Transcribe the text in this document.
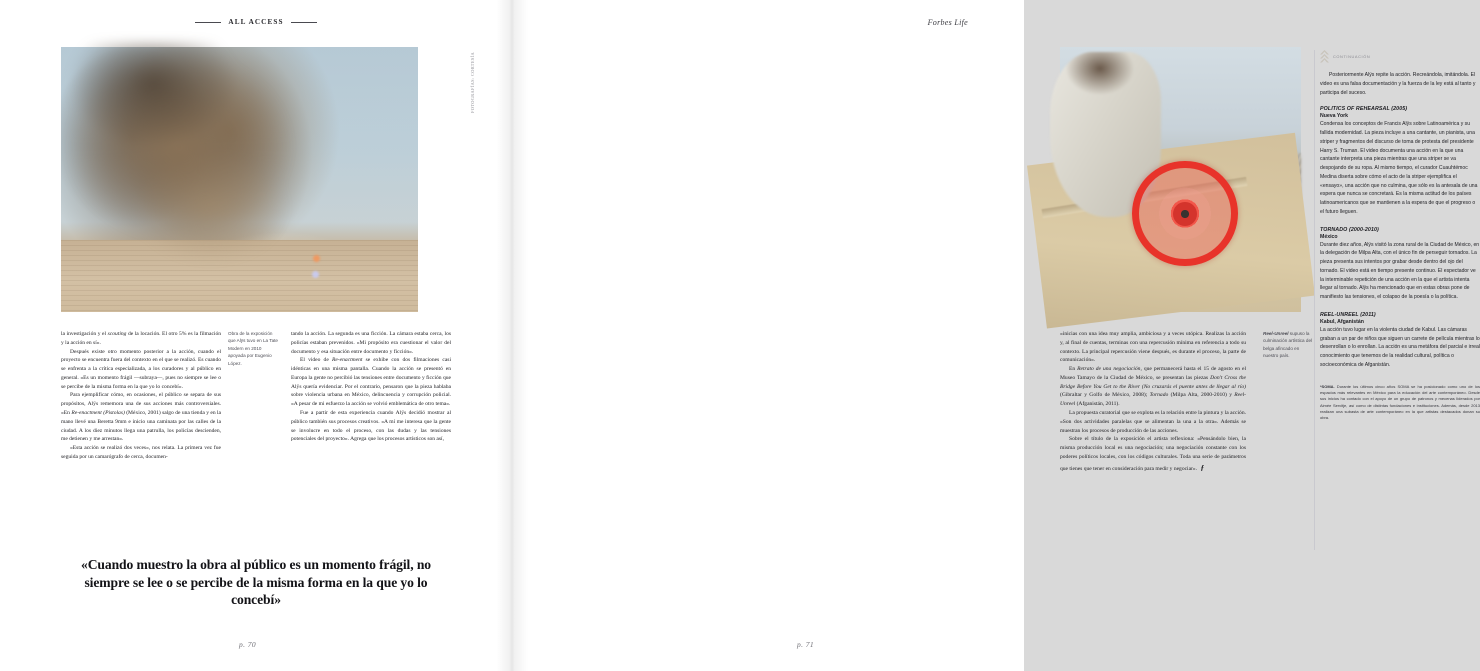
ALL ACCESS
FOTOGRAFÍAS: CORTESÍA
Obra de la exposición que Alÿs tuvo en La Tate Modern en 2010 apoyada por Eugenio López.

la investigación y el scouting de la locación. El otro 5% es la filmación y la acción en sí».

Después existe otro momento posterior a la acción, cuando el proyecto se encuentra fuera del contexto en el que se realizó. Es cuando se enfrenta a la crítica especializada, a los curadores y al público en general. «Es un momento frágil —subraya—, pues no siempre se lee o se percibe de la misma forma en la que yo lo concebí».

Para ejemplificar cómo, en ocasiones, el público se separa de sus propósitos, Alÿs rememora una de sus acciones más controversiales. «En Re-enactment (Pistolas) (México, 2001) salgo de una tienda y en la mano llevé una Beretta 9mm e inicio una caminata por las calles de la ciudad. A los diez minutos llega una patrulla, los policías descienden, me detienen y me arrestan».

«Esta acción se realizó dos veces», nos relata. La primera vez fue seguida por un camarógrafo de cerca, documen-

tando la acción. La segunda es una ficción. La cámara estaba cerca, los policías estaban prevenidos. «Mi propósito era cuestionar el valor del documento y esa situación entre documento y ficción».

El video de Re-enactment se exhibe con dos filmaciones casi idénticas en una misma pantalla. Cuando la acción se presentó en Europa la gente no percibió las tensiones entre documento y ficción que Alÿs quería evidenciar. Por el contrario, pensaron que la pieza hablaba sobre violencia urbana en México, delincuencia y corrupción policial. «A pesar de mi esfuerzo la acción se volvió emblemática de otro tema».

Fue a partir de esta experiencia cuando Alÿs decidió mostrar al público también sus procesos creativos. «A mí me interesa que la gente se involucre en todo el proceso, con las dudas y las tensiones potenciales del proyecto». Agrega que los procesos artísticos son así,

«Cuando muestro la obra al público es un momento frágil, no siempre se lee o se percibe de la misma forma en la que yo lo concebí»
p. 70
Forbes Life
Reel-Unreel supuso la culminación artística del belga afincado en nuestro país.

«inicias con una idea muy amplia, ambiciosa y a veces utópica. Realizas la acción y, al final de cuentas, terminas con una repercusión mínima en referencia a todo su contexto. La principal repercusión viene después, es durante el proceso, la parte de comunicación».

En Retrato de una negociación, que permanecerá hasta el 15 de agosto en el Museo Tamayo de la Ciudad de México, se presentan las piezas Don't Cross the Bridge Before You Get to the River (No cruzarás el puente antes de llegar al río) (Gibraltar y Golfo de México, 2008); Tornado (Milpa Alta, 2000-2010) y Reel-Unreel (Afganistán, 2011).

La propuesta curatorial que se explota es la relación entre la pintura y la acción. «Son dos actividades paralelas que se alimentan la una a la otra». Además se muestran los procesos de producción de las acciones.

Sobre el título de la exposición el artista reflexiona: «Pensándolo bien, la misma producción local es una negociación; una negociación constante con los poderes políticos locales, con los códigos culturales. Toda una serie de parámetros que tienes que tener en consideración para medir y negociar». ƒ

CONTINUACIÓN

Posteriormente Alÿs repite la acción. Recreándola, imitándola. El video es una falsa documentación y la fuerza de la ley está al tanto y participa del suceso.

POLITICS OF REHEARSAL (2005)

Nueva York

Condensa los conceptos de Francis Alÿs sobre Latinoamérica y su fallida modernidad. La pieza incluye a una cantante, un pianista, una striper y fragmentos del discurso de toma de protesta del presidente Harry S. Truman. El video documenta una acción en la que una cantante interpreta una pieza mientras que una striper se va despojando de su ropa. Al mismo tiempo, el curador Cuauhtémoc Medina diserta sobre cómo el acto de la striper ejemplifica el «ensayo», una acción que no culmina, que sólo es la antesala de una espera que nunca se concretará. Es la misma actitud de los países latinoamericanos que se mantienen a la espera de que el progreso o el futuro lleguen.

TORNADO (2000-2010)

México

Durante diez años, Alÿs visitó la zona rural de la Ciudad de México, en la delegación de Milpa Alta, con el único fin de perseguir tornados. La pieza presenta sus intentos por grabar desde dentro del ojo del tornado. El video está en tiempo presente continuo. El espectador ve la interminable repetición de una acción en la que el artista intenta llegar al tornado. Alÿs ha mencionado que en estas obras pone de manifiesto las tensiones, el colapso de la poesía o la política.

REEL-UNREEL (2011)

Kabul, Afganistán

La acción tuvo lugar en la violenta ciudad de Kabul. Las cámaras graban a un par de niños que siguen un carrete de película mientras lo desenrollan o lo enrollan. La acción es una metáfora del parcial e irreal conocimiento que tenemos de la realidad cultural, política o socioeconómica de Afganistán.

*SOMA. Durante los últimos cinco años SOMA se ha posicionado como uno de los espacios más relevantes en México para la educación del arte contemporáneo. Desde sus inicios ha contado con el apoyo de un grupo de patronos y mecenas liderados por Aimée Servitje, así como de distintas fundaciones e instituciones. Además, desde 2013 realizan una subasta de arte contemporáneo en la que artistas destacados donan su obra.

p. 71
